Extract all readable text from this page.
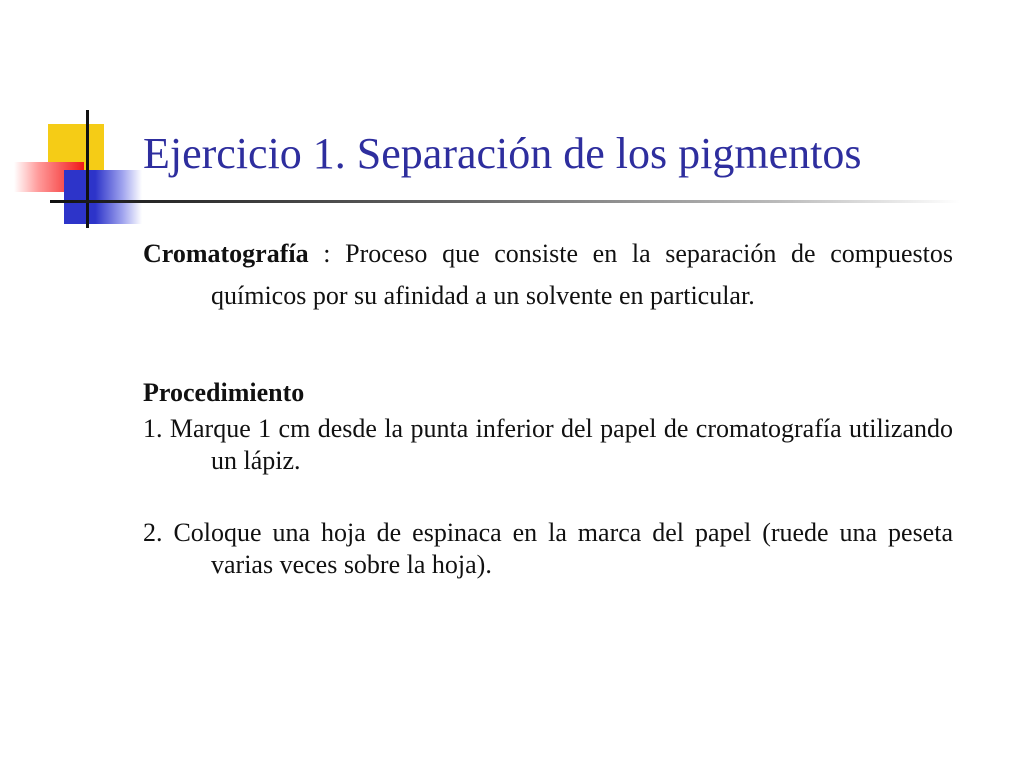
Ejercicio 1. Separación de los pigmentos

Cromatografía : Proceso que consiste en la separación de compuestos químicos por su afinidad a un solvente en particular.

Procedimiento

1. Marque 1 cm desde la punta inferior del papel de cromatografía utilizando un lápiz.

2. Coloque una hoja de espinaca en la marca del papel (ruede una peseta varias veces sobre la hoja).
